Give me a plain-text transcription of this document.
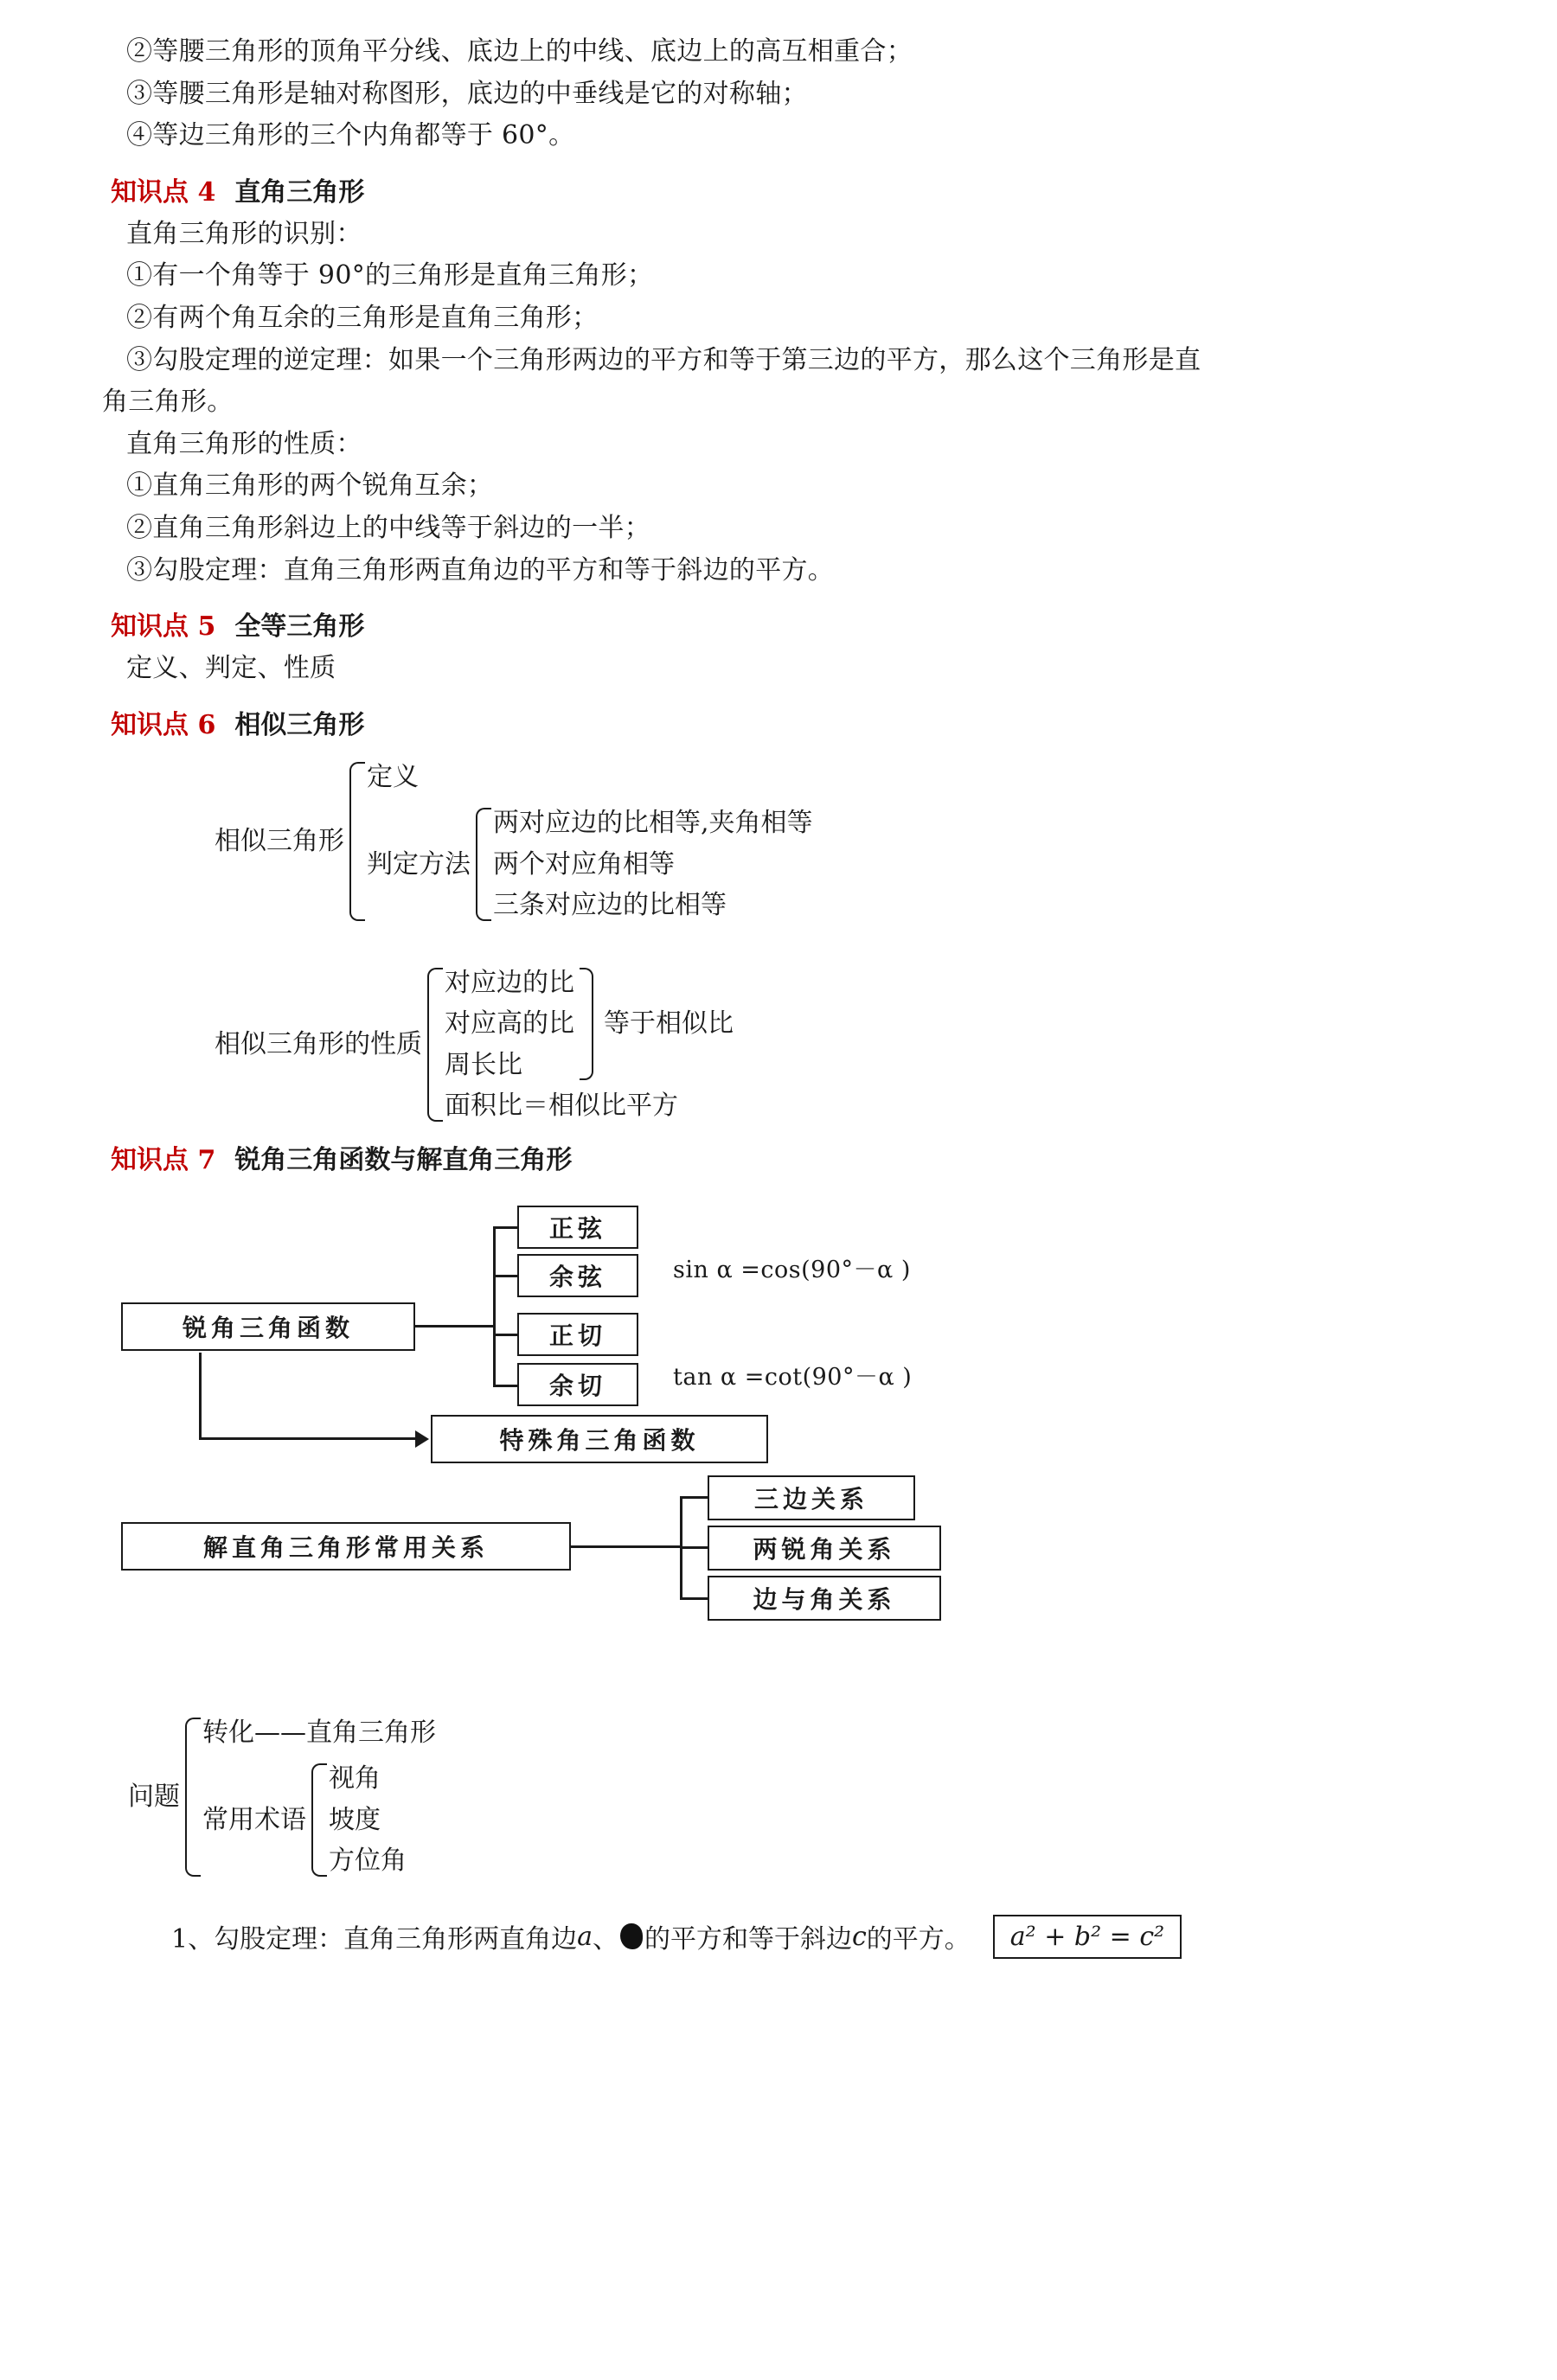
②等腰三角形的顶角平分线、底边上的中线、底边上的高互相重合；
③等腰三角形是轴对称图形，底边的中垂线是它的对称轴；
④等边三角形的三个内角都等于 60°。
知识点 4 直角三角形
直角三角形的识别：
①有一个角等于 90°的三角形是直角三角形；
②有两个角互余的三角形是直角三角形；
③勾股定理的逆定理：如果一个三角形两边的平方和等于第三边的平方，那么这个三角形是直
角三角形。
直角三角形的性质：
①直角三角形的两个锐角互余；
②直角三角形斜边上的中线等于斜边的一半；
③勾股定理：直角三角形两直角边的平方和等于斜边的平方。
知识点 5 全等三角形
定义、判定、性质
知识点 6 相似三角形
相似三角形
定义
判定方法
两对应边的比相等,夹角相等
两个对应角相等
三条对应边的比相等
相似三角形的性质
对应边的比
对应高的比
周长比
等于相似比
面积比＝相似比平方
知识点 7 锐角三角函数与解直角三角形
锐角三角函数
正弦
余弦
正切
余切
sin α =cos(90°－α )
tan α =cot(90°－α )
特殊角三角函数
解直角三角形常用关系
三边关系
两锐角关系
边与角关系
问题
转化——直角三角形
常用术语
视角
坡度
方位角
1、勾股定理：直角三角形两直角边 a 、 的平方和等于斜边 c 的平方。	a² + b² = c²
